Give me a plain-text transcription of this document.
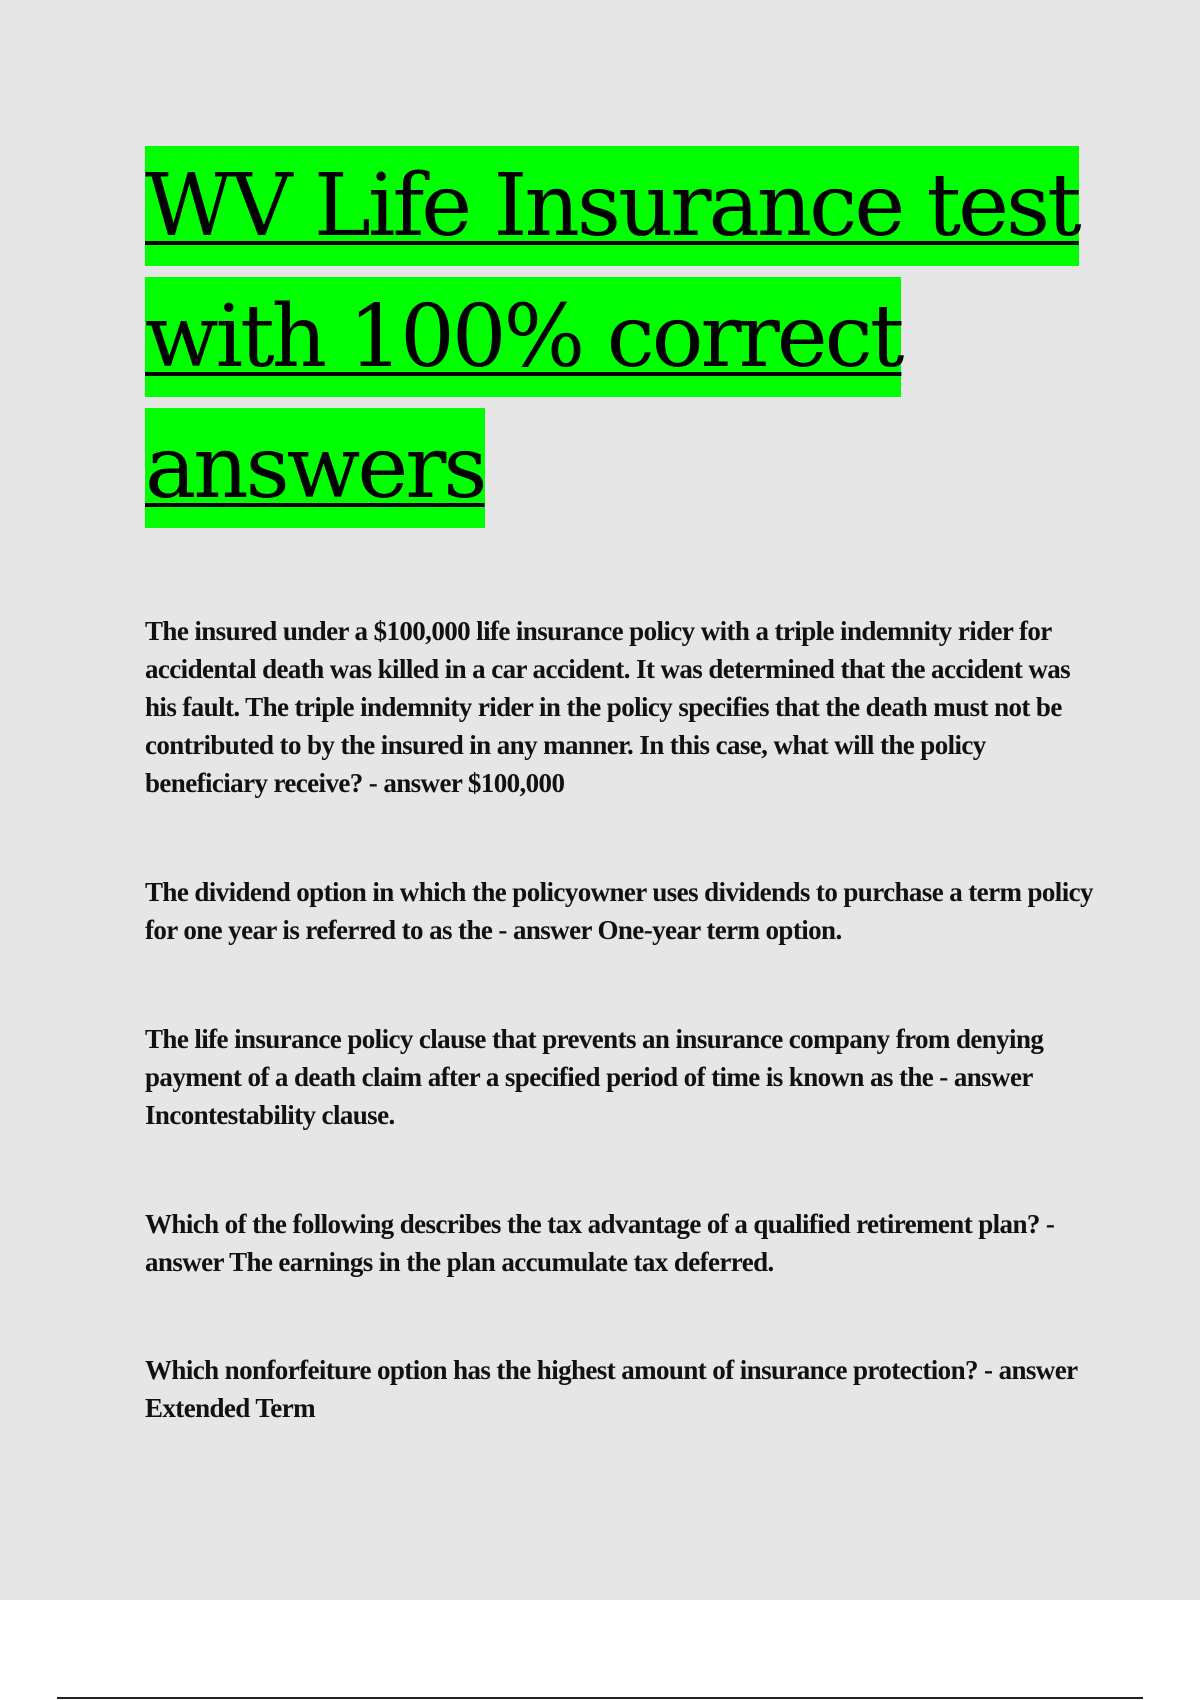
WV Life Insurance test
with 100% correct
answers

The insured under a $100,000 life insurance policy with a triple indemnity rider for accidental death was killed in a car accident. It was determined that the accident was his fault. The triple indemnity rider in the policy specifies that the death must not be contributed to by the insured in any manner. In this case, what will the policy beneficiary receive? - answer $100,000

The dividend option in which the policyowner uses dividends to purchase a term policy for one year is referred to as the - answer One-year term option.

The life insurance policy clause that prevents an insurance company from denying payment of a death claim after a specified period of time is known as the - answer Incontestability clause.

Which of the following describes the tax advantage of a qualified retirement plan? - answer The earnings in the plan accumulate tax deferred.

Which nonforfeiture option has the highest amount of insurance protection? - answer Extended Term
